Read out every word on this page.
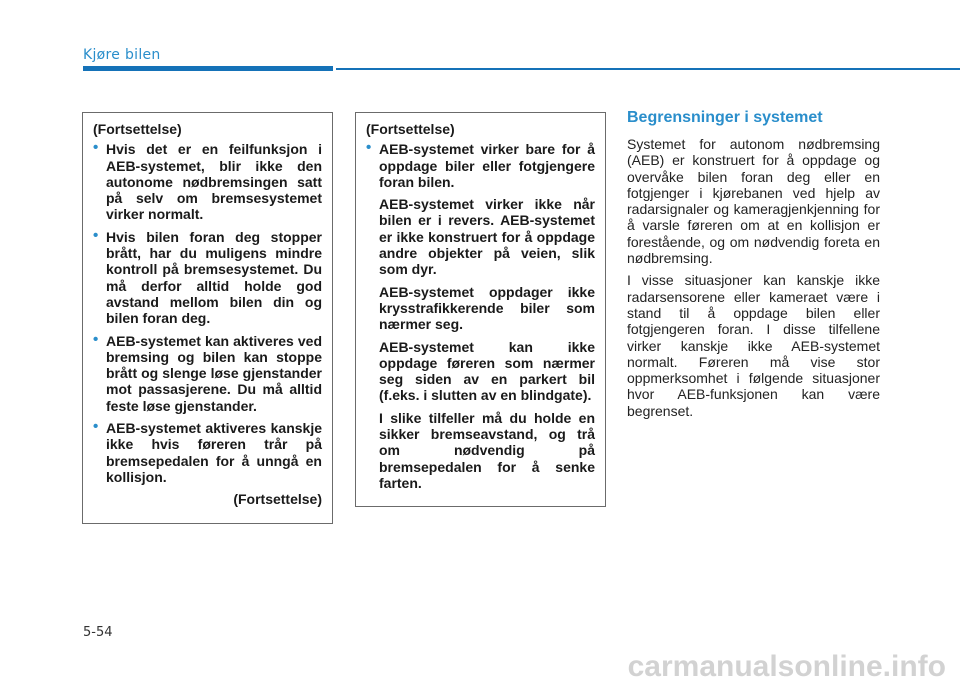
Kjøre bilen
(Fortsettelse)
• Hvis det er en feilfunksjon i AEB-systemet, blir ikke den autonome nødbremsingen satt på selv om bremsesystemet virker normalt.
• Hvis bilen foran deg stopper brått, har du muligens mindre kontroll på bremsesystemet. Du må derfor alltid holde god avstand mellom bilen din og bilen foran deg.
• AEB-systemet kan aktiveres ved bremsing og bilen kan stoppe brått og slenge løse gjenstander mot passasjerene. Du må alltid feste løse gjenstander.
• AEB-systemet aktiveres kanskje ikke hvis føreren trår på bremsepedalen for å unngå en kollisjon.
(Fortsettelse)
(Fortsettelse)
• AEB-systemet virker bare for å oppdage biler eller fotgjengere foran bilen.

AEB-systemet virker ikke når bilen er i revers. AEB-systemet er ikke konstruert for å oppdage andre objekter på veien, slik som dyr.

AEB-systemet oppdager ikke krysstrafikkerende biler som nærmer seg.

AEB-systemet kan ikke oppdage føreren som nærmer seg siden av en parkert bil (f.eks. i slutten av en blindgate).

I slike tilfeller må du holde en sikker bremseavstand, og trå om nødvendig på bremsepedalen for å senke farten.

Begrensninger i systemet

Systemet for autonom nødbremsing (AEB) er konstruert for å oppdage og overvåke bilen foran deg eller en fotgjenger i kjørebanen ved hjelp av radarsignaler og kameragjenkjenning for å varsle føreren om at en kollisjon er forestående, og om nødvendig foreta en nødbremsing.

I visse situasjoner kan kanskje ikke radarsensorene eller kameraet være i stand til å oppdage bilen eller fotgjengeren foran. I disse tilfellene virker kanskje ikke AEB-systemet normalt. Føreren må vise stor oppmerksomhet i følgende situasjoner hvor AEB-funksjonen kan være begrenset.

5-54
carmanualsonline.info
